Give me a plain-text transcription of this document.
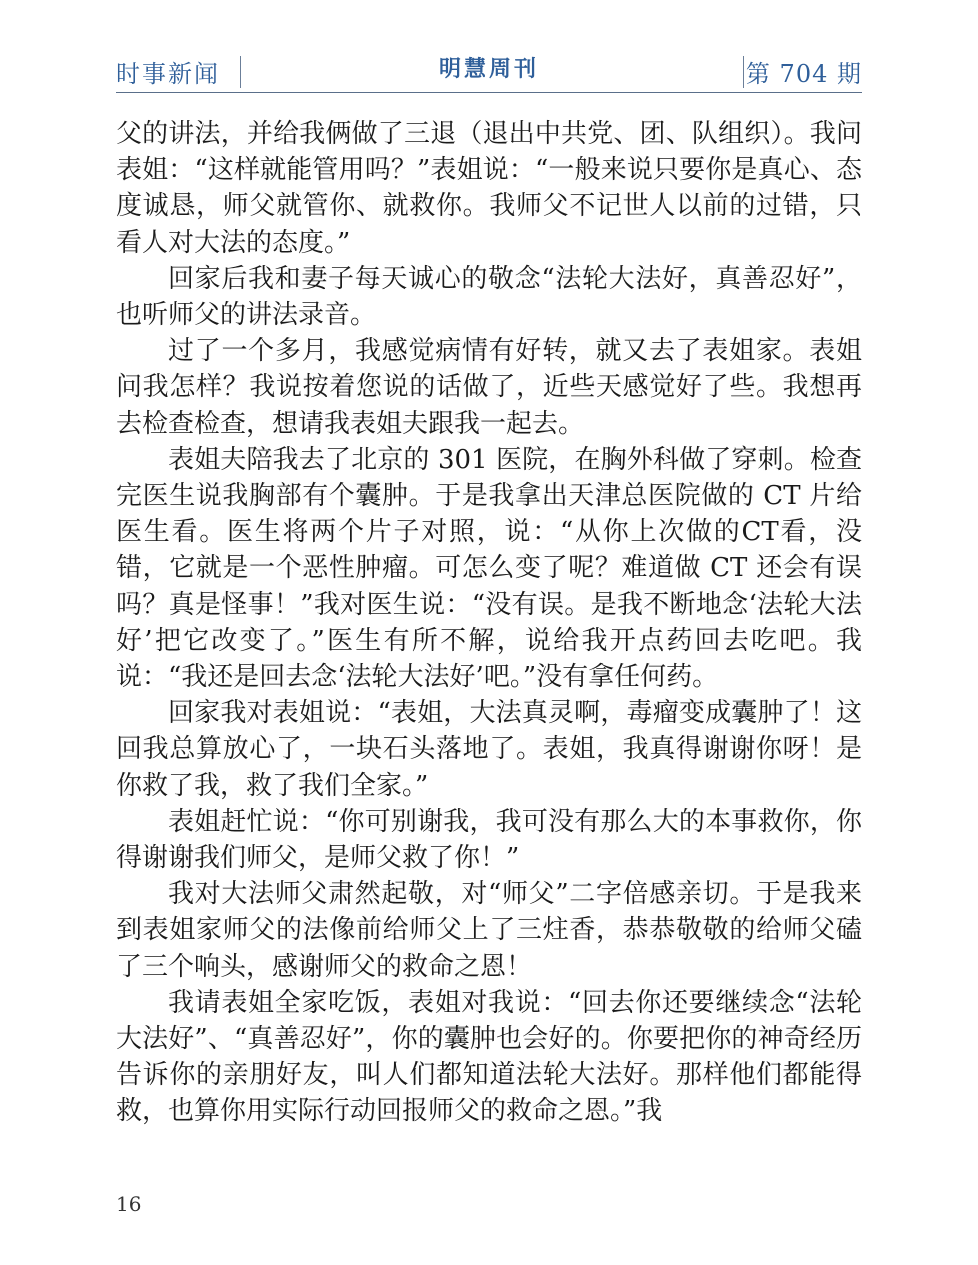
时事新闻	明慧周刊	第 704 期

父的讲法，并给我俩做了三退（退出中共党、团、队组织）。我问表姐：“这样就能管用吗？”表姐说：“一般来说只要你是真心、态度诚恳，师父就管你、就救你。我师父不记世人以前的过错，只看人对大法的态度。”

回家后我和妻子每天诚心的敬念“法轮大法好，真善忍好”，也听师父的讲法录音。

过了一个多月，我感觉病情有好转，就又去了表姐家。表姐问我怎样？我说按着您说的话做了，近些天感觉好了些。我想再去检查检查，想请我表姐夫跟我一起去。

表姐夫陪我去了北京的 301 医院，在胸外科做了穿刺。检查完医生说我胸部有个囊肿。于是我拿出天津总医院做的 CT 片给医生看。医生将两个片子对照，说：“从你上次做的CT看，没错，它就是一个恶性肿瘤。可怎么变了呢？难道做 CT 还会有误吗？真是怪事！”我对医生说：“没有误。是我不断地念‘法轮大法好’把它改变了。”医生有所不解，说给我开点药回去吃吧。我说：“我还是回去念‘法轮大法好’吧。”没有拿任何药。

回家我对表姐说：“表姐，大法真灵啊，毒瘤变成囊肿了！这回我总算放心了，一块石头落地了。表姐，我真得谢谢你呀！是你救了我，救了我们全家。”

表姐赶忙说：“你可别谢我，我可没有那么大的本事救你，你得谢谢我们师父，是师父救了你！”

我对大法师父肃然起敬，对“师父”二字倍感亲切。于是我来到表姐家师父的法像前给师父上了三炷香，恭恭敬敬的给师父磕了三个响头，感谢师父的救命之恩！

我请表姐全家吃饭，表姐对我说：“回去你还要继续念“法轮大法好”、“真善忍好”，你的囊肿也会好的。你要把你的神奇经历告诉你的亲朋好友，叫人们都知道法轮大法好。那样他们都能得救，也算你用实际行动回报师父的救命之恩。”我

16
